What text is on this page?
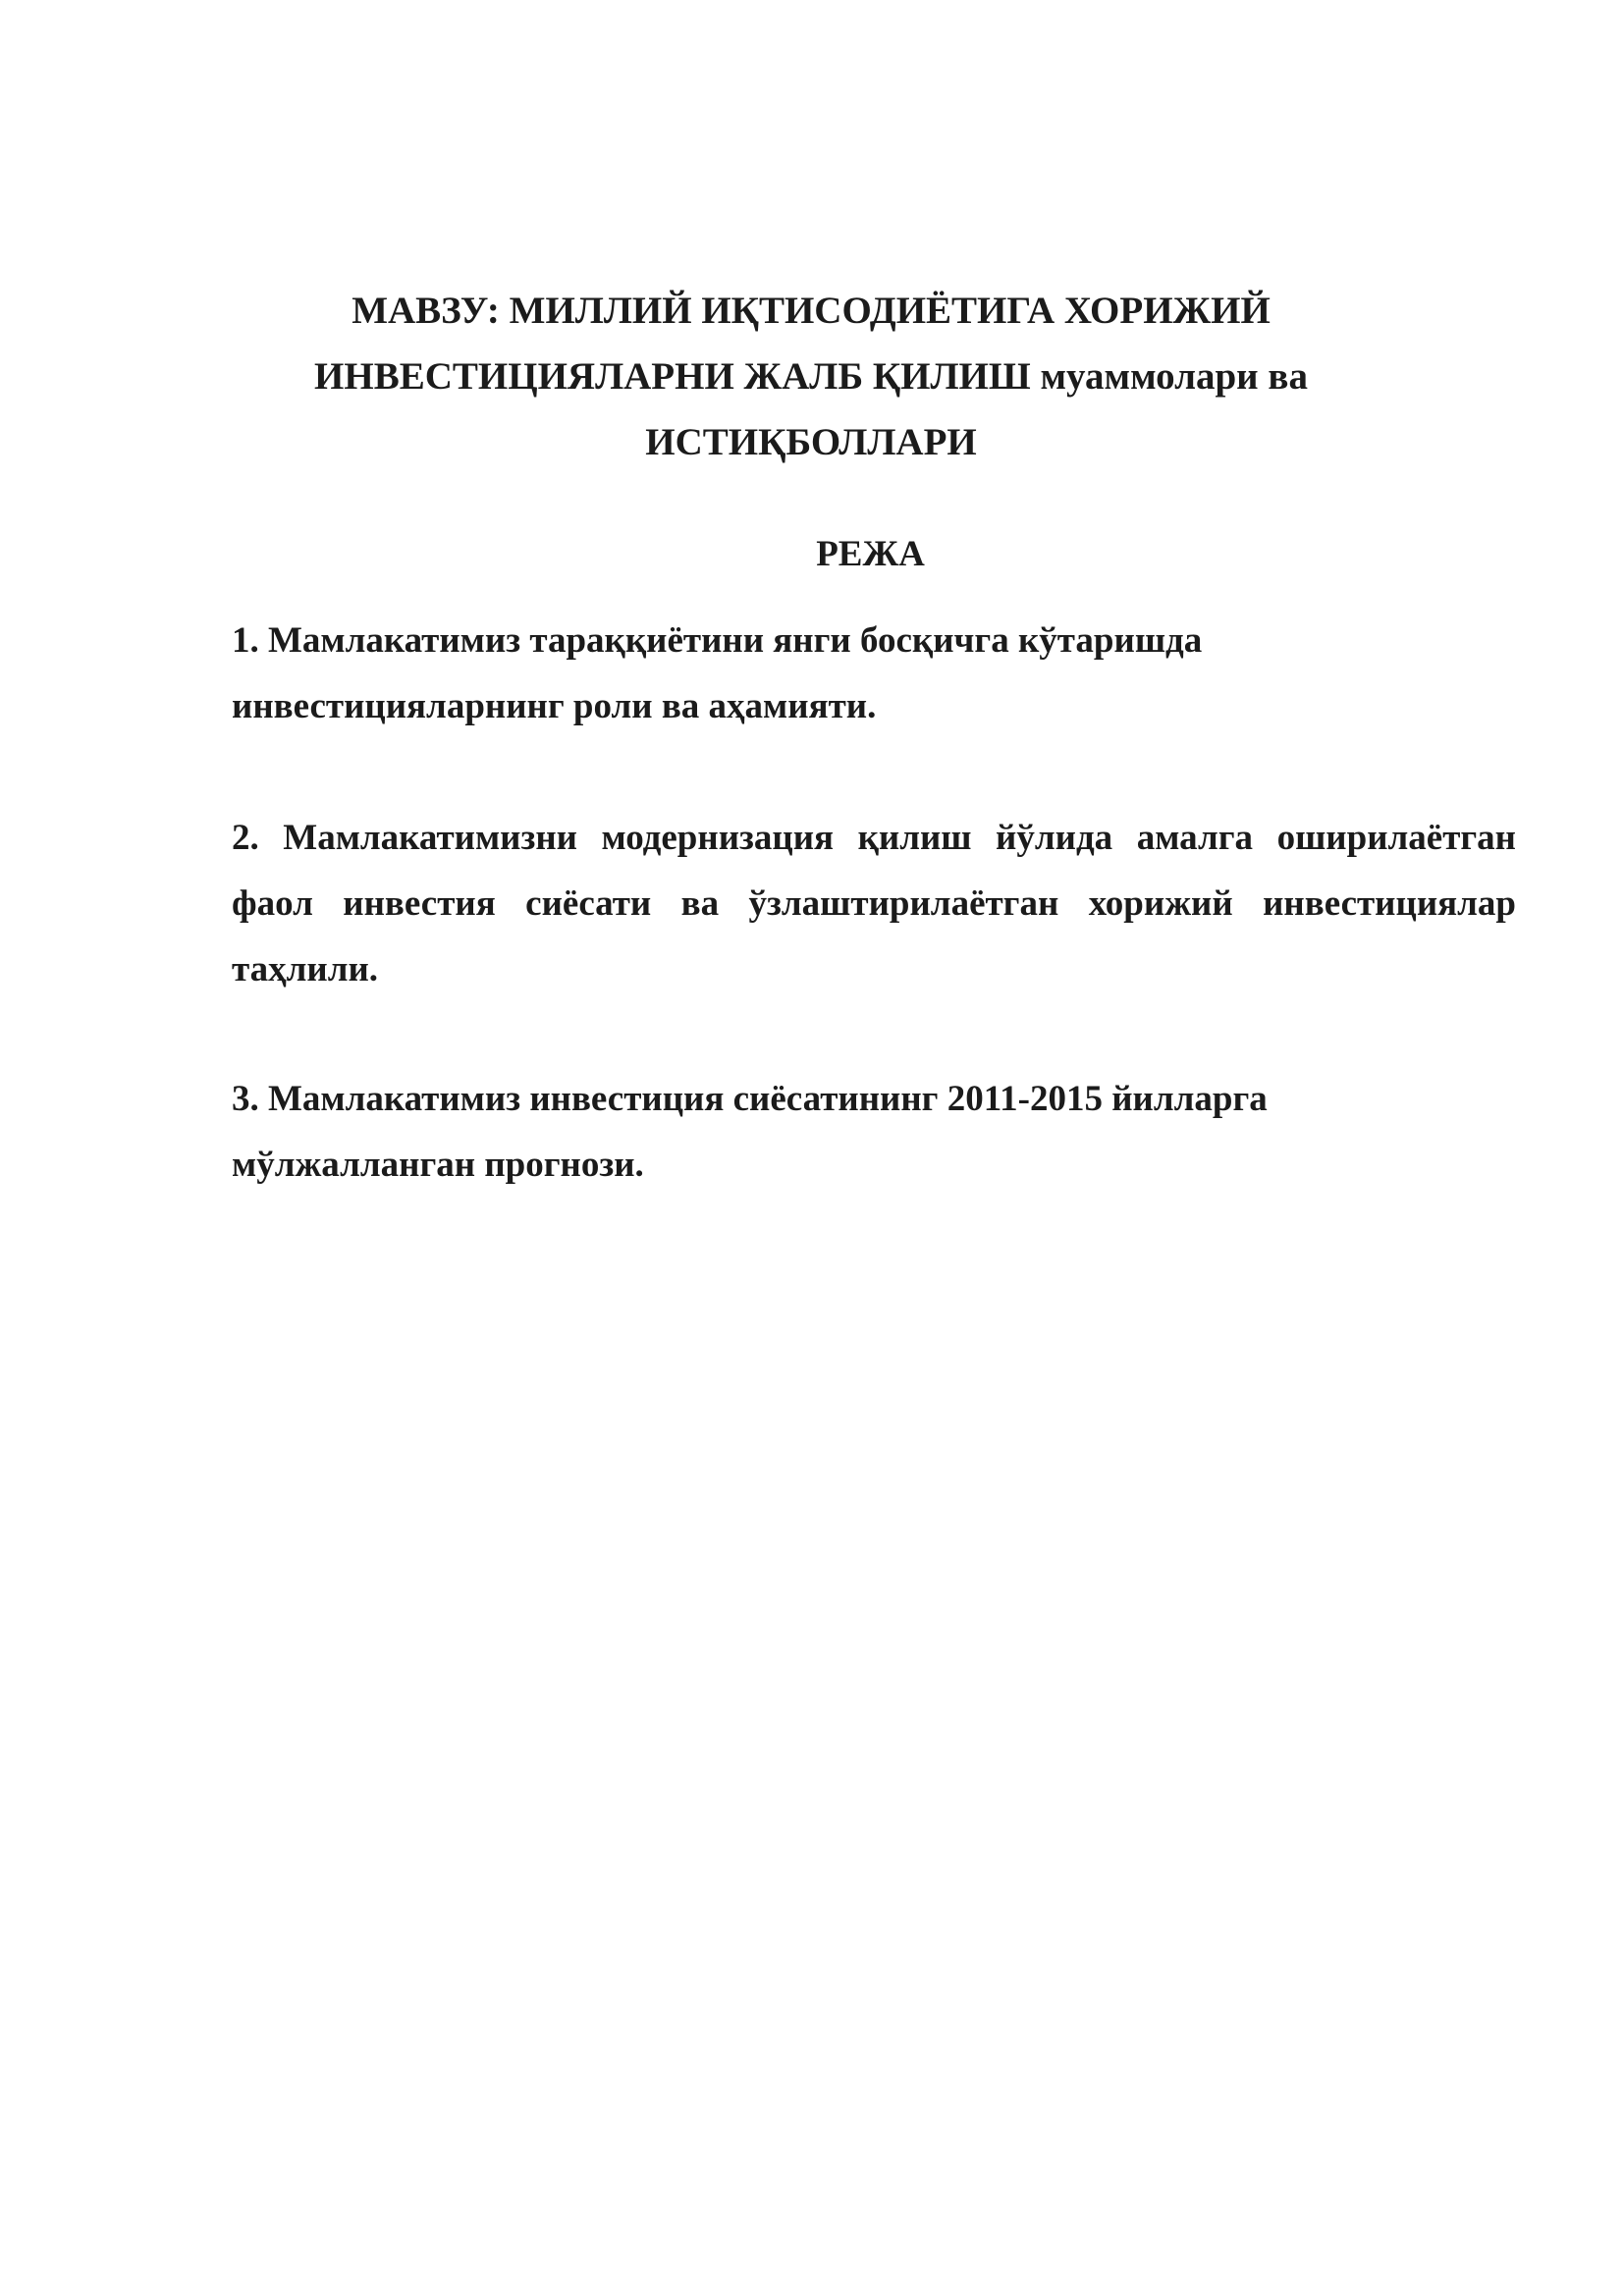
МАВЗУ: МИЛЛИЙ ИҚТИСОДИЁТИГА ХОРИЖИЙ
ИНВЕСТИЦИЯЛАРНИ ЖАЛБ ҚИЛИШ муаммолари ва
ИСТИҚБОЛЛАРИ
РЕЖА
1. Мамлакатимиз тараққиётини янги босқичга кўтаришда
инвестицияларнинг роли ва аҳамияти.
2. Мамлакатимизни модернизация қилиш йўлида амалга оширилаётган
фаол инвестия сиёсати ва ўзлаштирилаётган хорижий инвестициялар
таҳлили.
3. Мамлакатимиз инвестиция сиёсатининг 2011-2015 йилларга
мўлжалланган прогнози.
